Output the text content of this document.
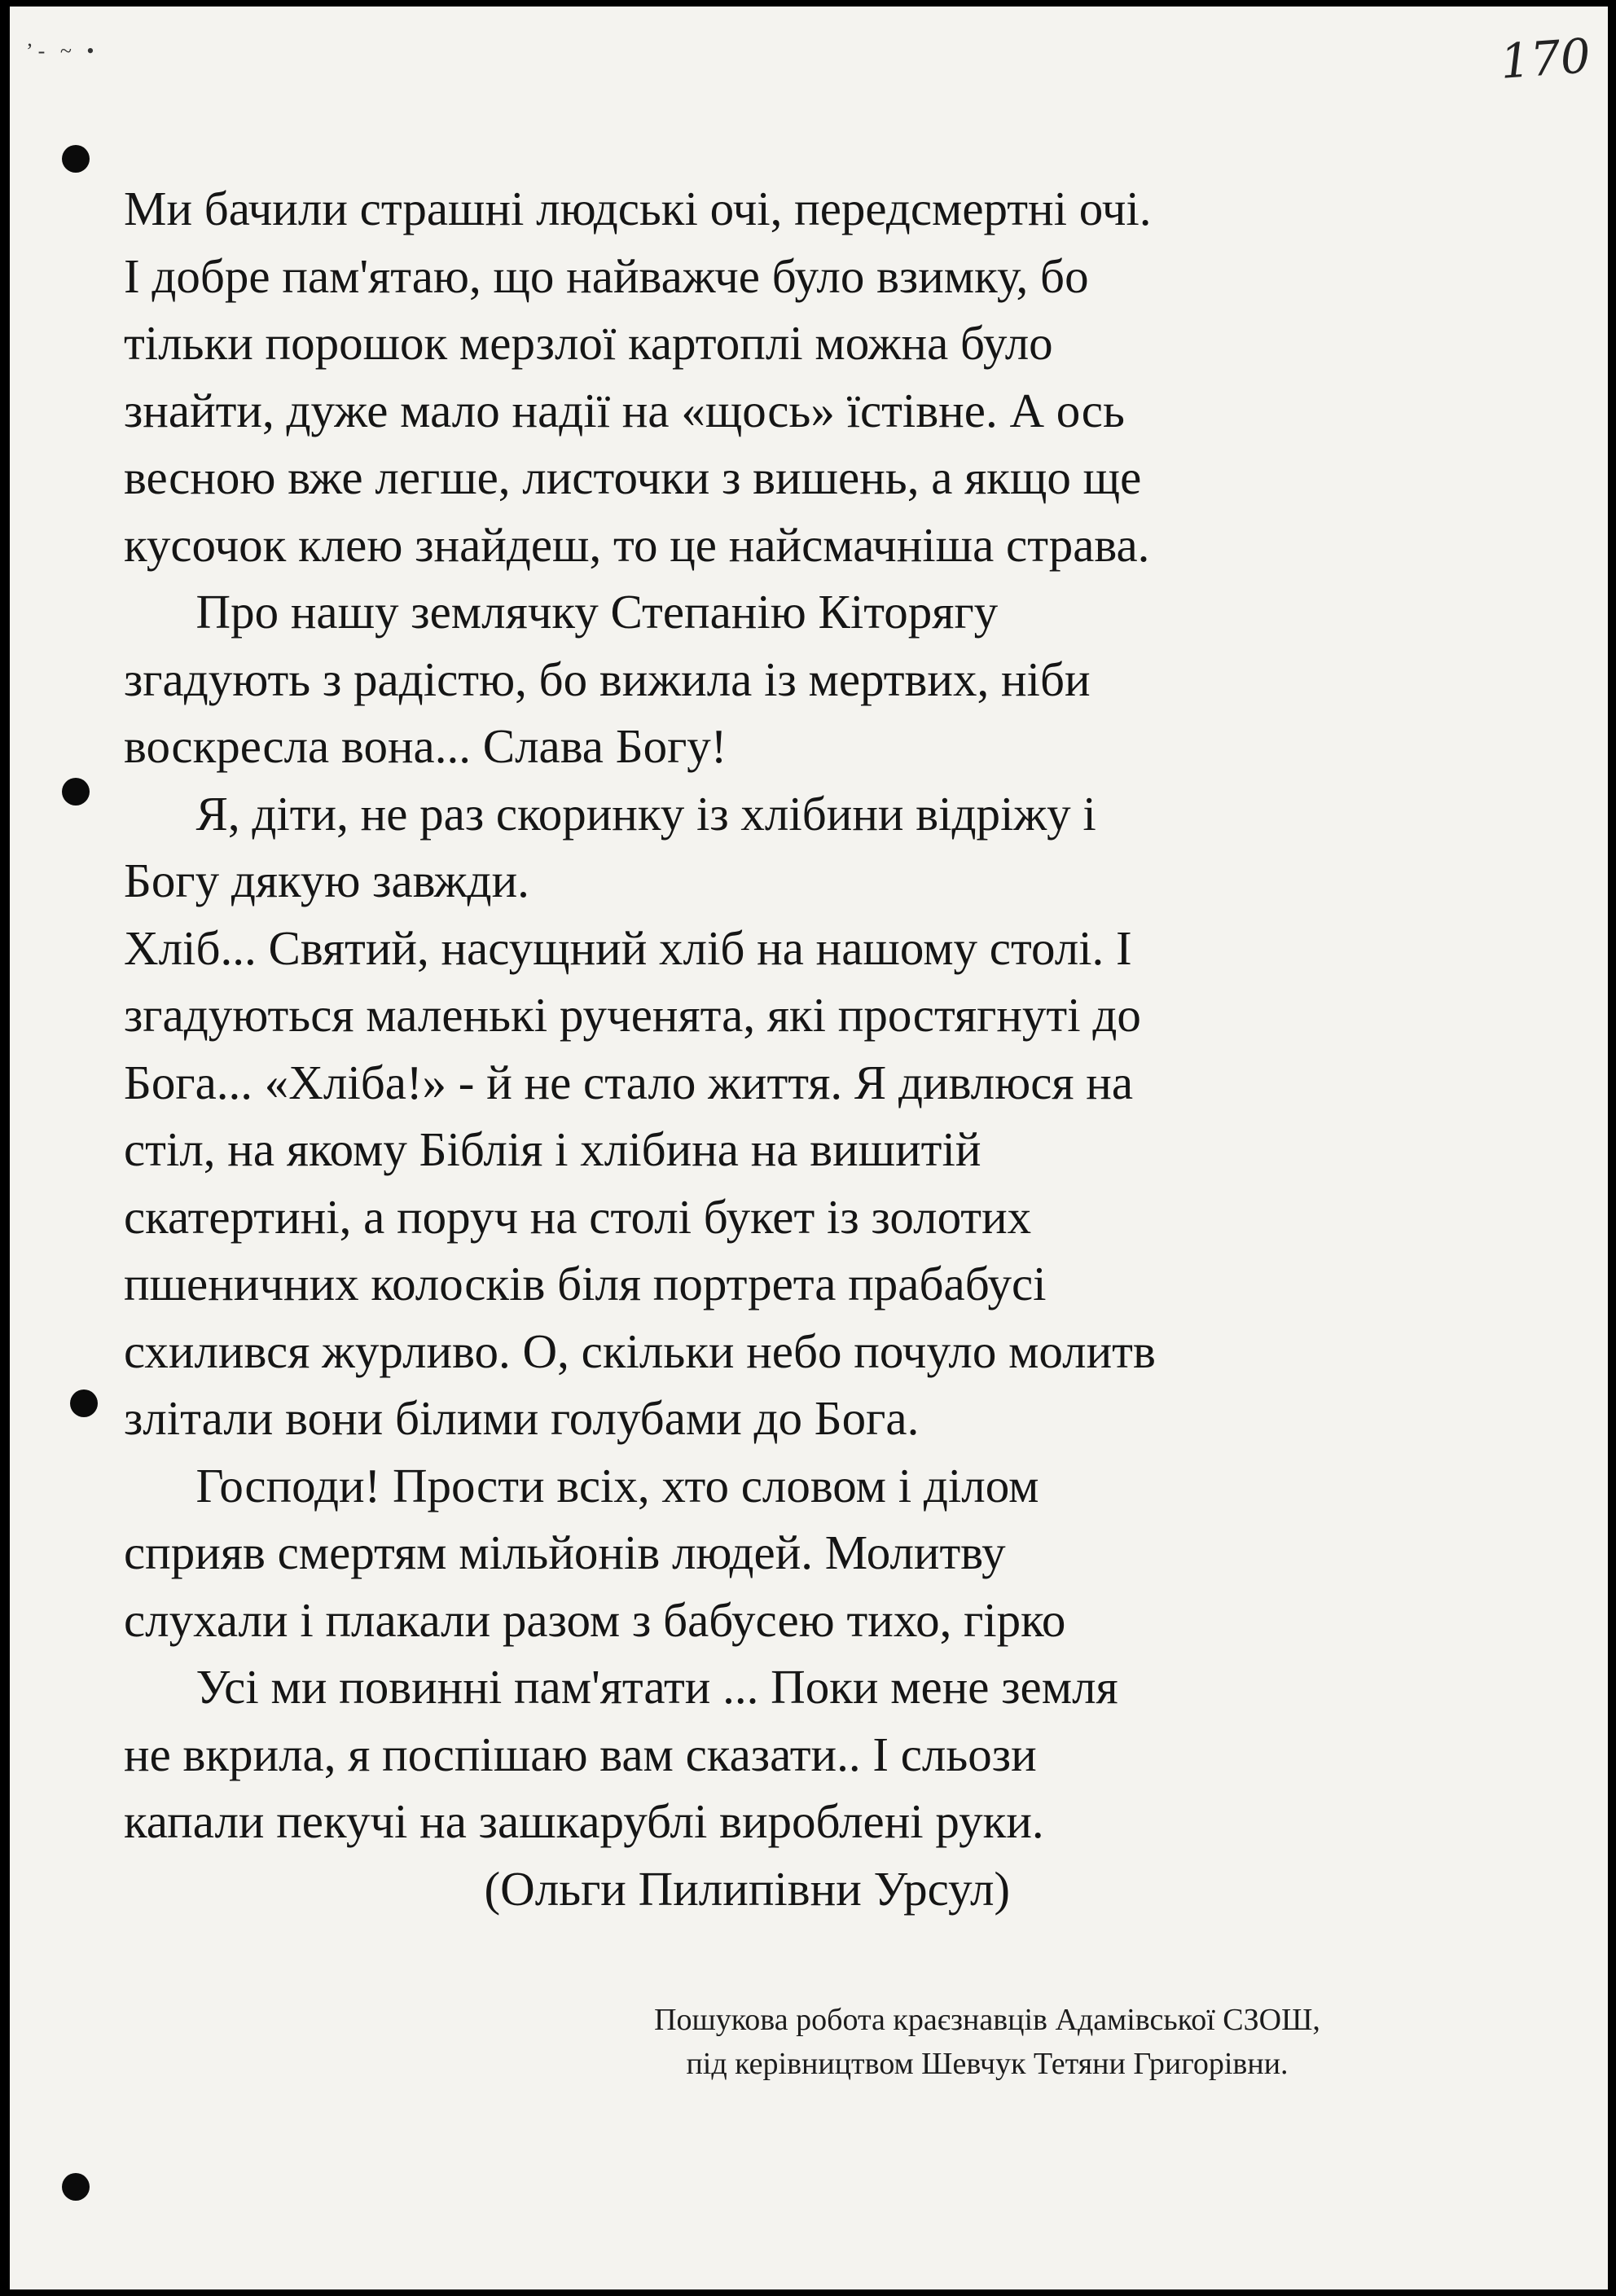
ʼ- ~ •	170
Ми бачили страшні людські очі, передсмертні очі.
І добре пам'ятаю, що найважче було взимку, бо
тільки порошок мерзлої картоплі можна було
знайти, дуже мало надії на «щось» їстівне. А ось
весною вже легше, листочки з вишень, а якщо ще
кусочок клею знайдеш, то це найсмачніша страва.
Про нашу землячку Степанію Кіторягу
згадують з радістю, бо вижила із мертвих, ніби
воскресла вона... Слава Богу!
Я, діти, не раз скоринку із хлібини відріжу і
Богу дякую завжди.
Хліб... Святий, насущний хліб на нашому столі. І
згадуються маленькі рученята, які простягнуті до
Бога... «Хліба!» - й не стало життя. Я дивлюся на
стіл, на якому Біблія і хлібина на вишитій
скатертині, а поруч на столі букет із золотих
пшеничних колосків біля портрета прабабусі
схилився журливо. О, скільки небо почуло молитв
злітали вони білими голубами до Бога.
Господи! Прости всіх, хто словом і ділом
сприяв смертям мільйонів людей. Молитву
слухали і плакали разом з бабусею тихо, гірко
Усі ми повинні пам'ятати ... Поки мене земля
не вкрила, я поспішаю вам сказати.. І сльози
капали пекучі на зашкарублі вироблені руки.
(Ольги Пилипівни Урсул)
Пошукова робота краєзнавців Адамівської СЗОШ,
під керівництвом Шевчук Тетяни Григорівни.
